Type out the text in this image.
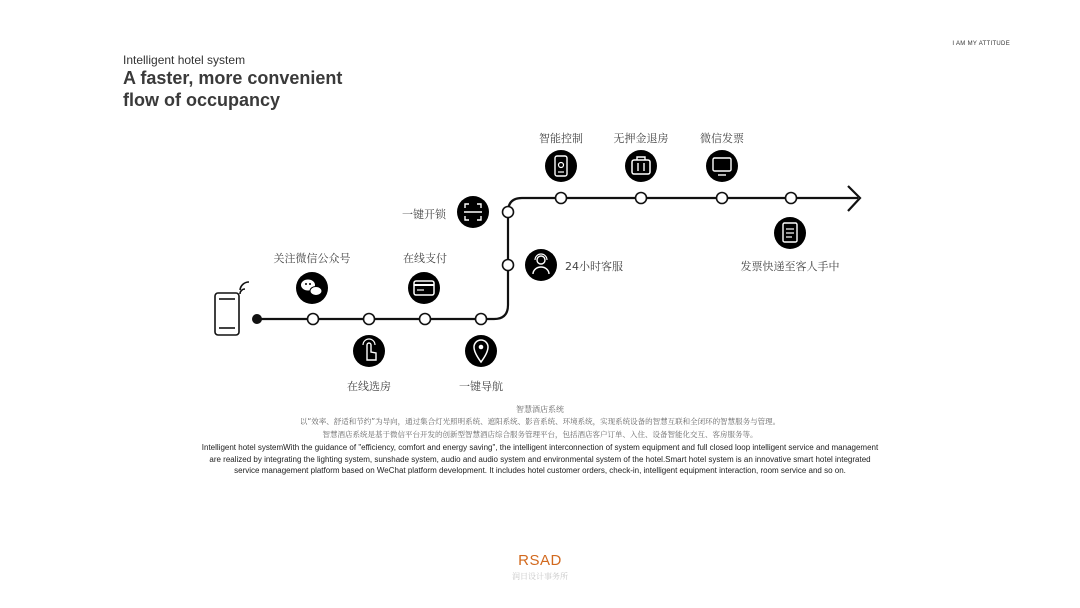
I AM MY ATTITUDE
Intelligent hotel system
A faster, more convenient
flow of occupancy
关注微信公众号	在线支付
在线选房	一键导航
一键开锁
24小时客服
智能控制	无押金退房	微信发票
发票快递至客人手中
智慧酒店系统
以“效率、舒适和节约”为导向，通过集合灯光照明系统、遮阳系统、影音系统、环境系统，实现系统设备的智慧互联和全闭环的智慧服务与管理。
智慧酒店系统是基于微信平台开发的创新型智慧酒店综合服务管理平台，包括酒店客户订单、入住、设备智能化交互、客房服务等。
Intelligent hotel systemWith the guidance of "efficiency, comfort and energy saving", the intelligent interconnection of system equipment and full closed loop intelligent service and management are realized by integrating the lighting system, sunshade system, audio and audio system and environmental system of the hotel.Smart hotel system is an innovative smart hotel integrated service management platform based on WeChat platform development. It includes hotel customer orders, check-in, intelligent equipment interaction, room service and so on.
RSAD
润日设计事务所
